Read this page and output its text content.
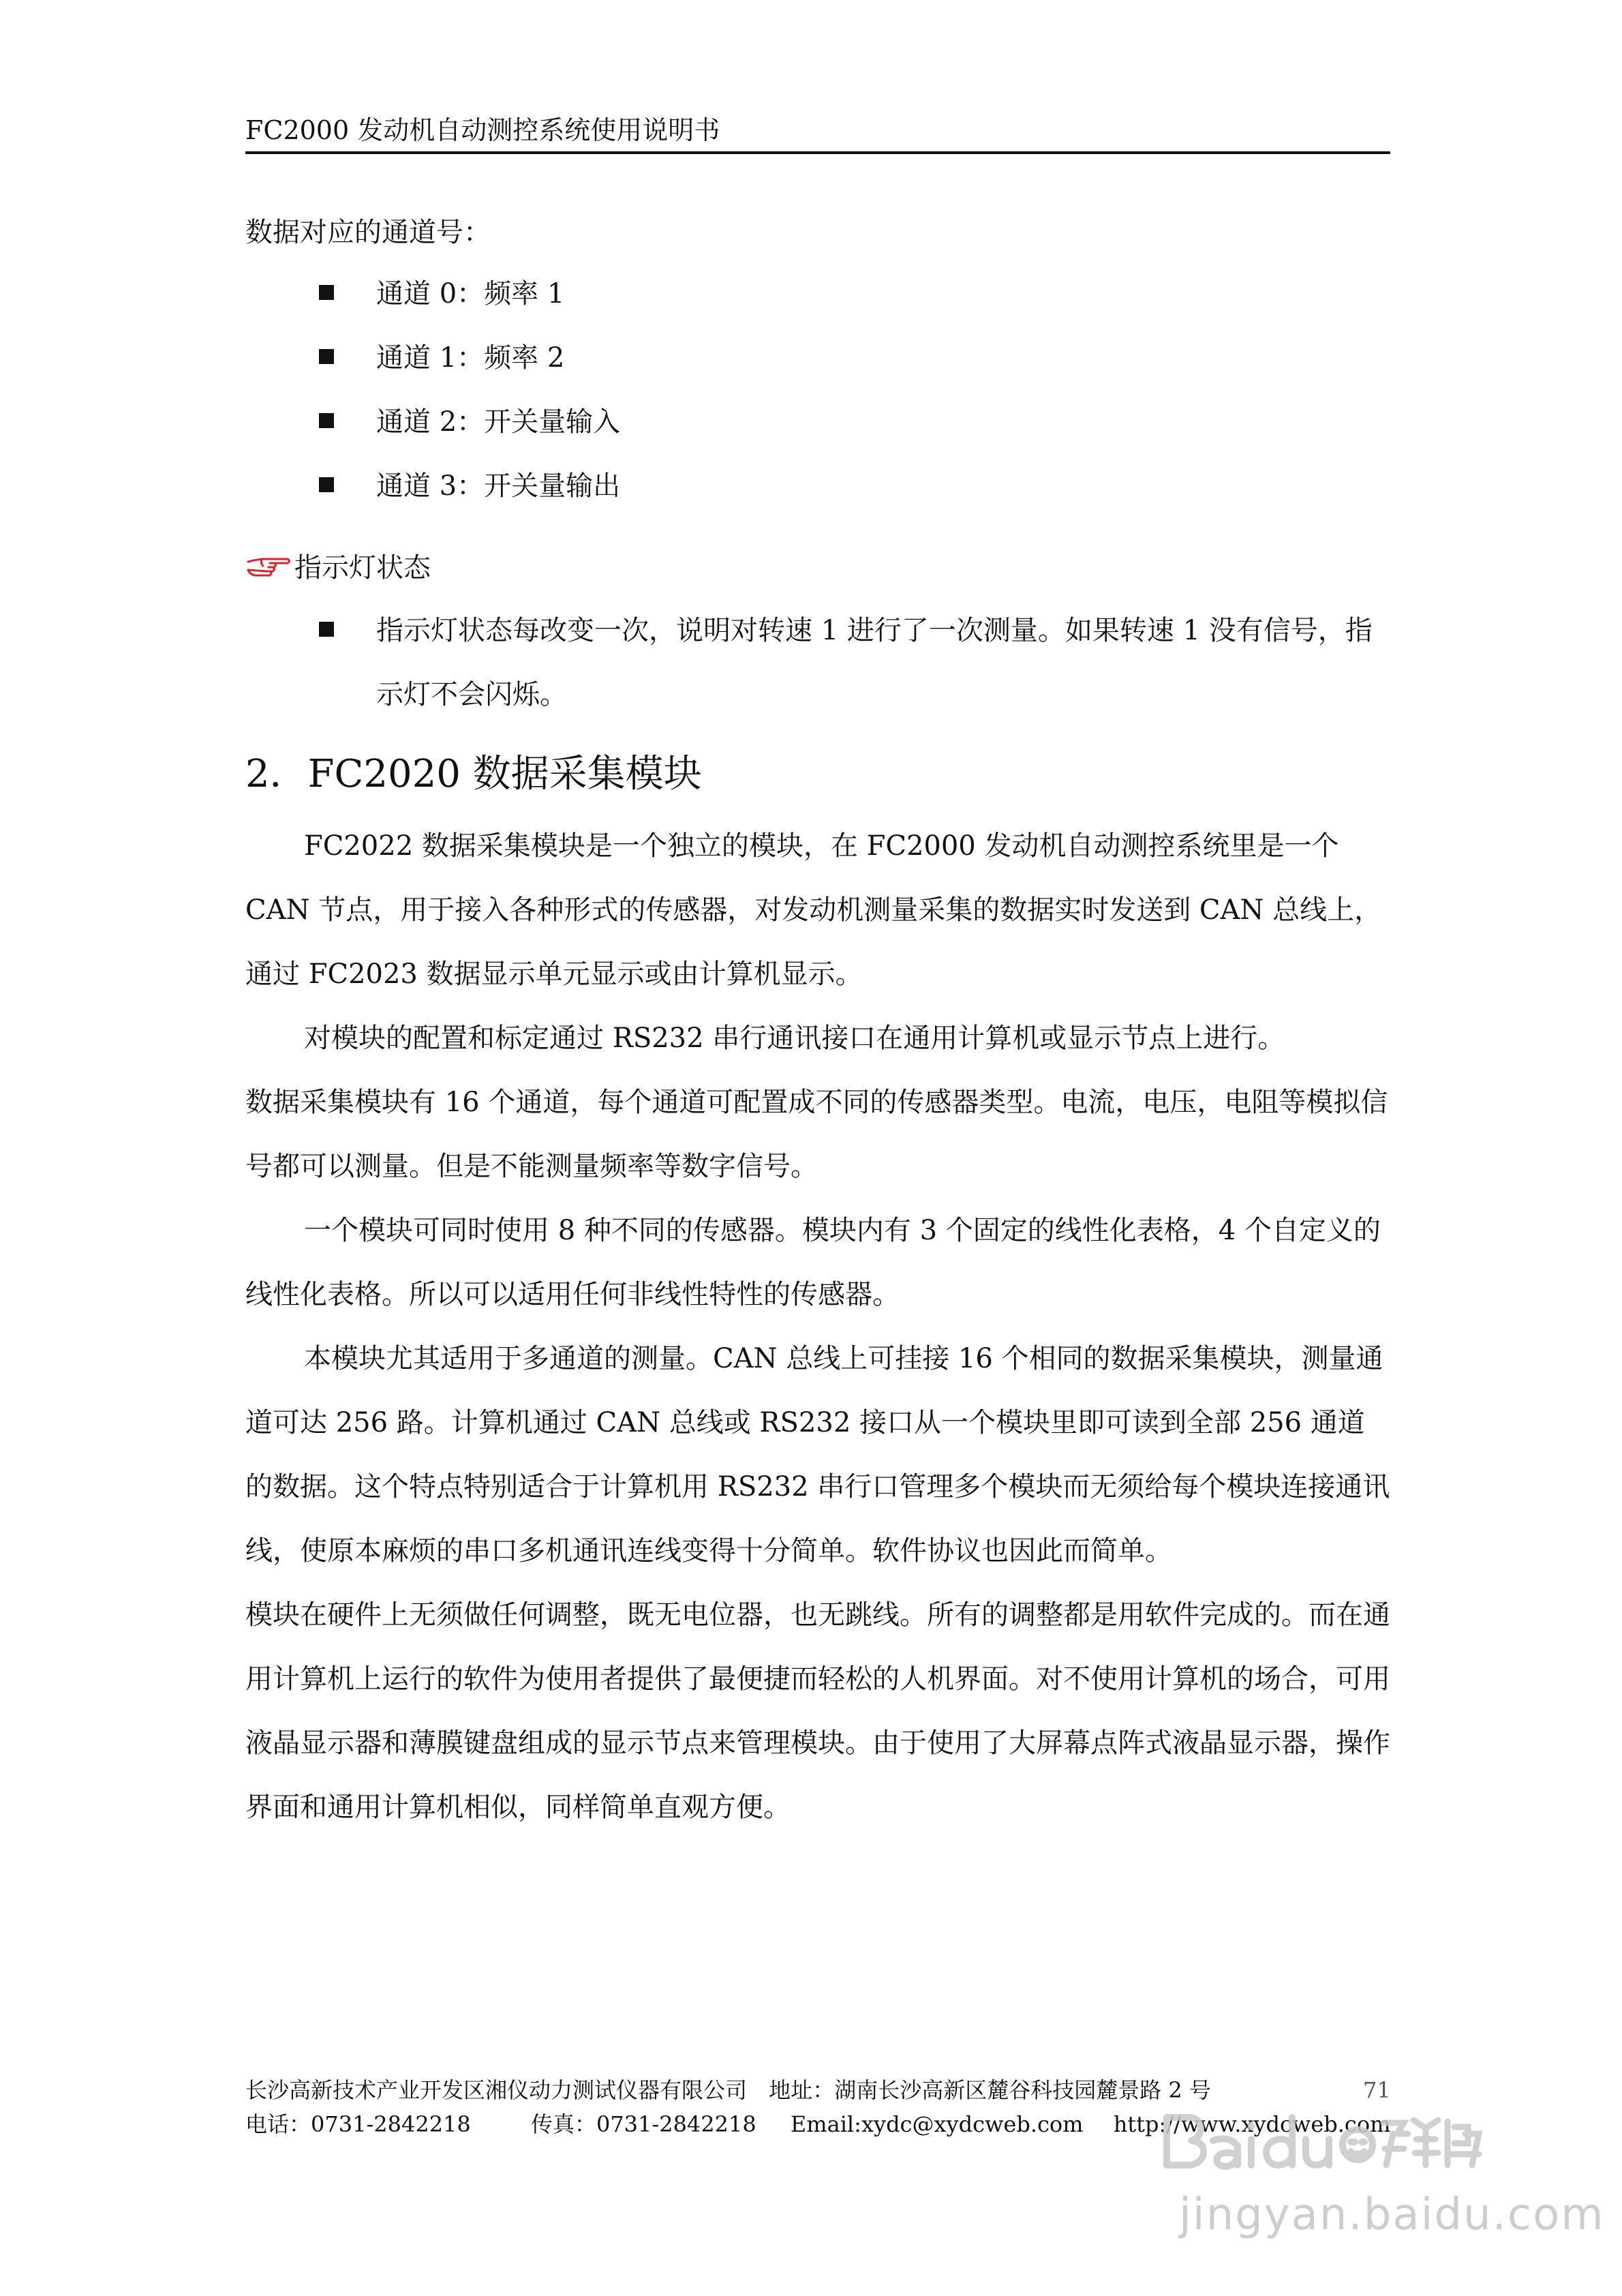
FC2000 发动机自动测控系统使用说明书

数据对应的通道号：

通道 0：频率 1
通道 1：频率 2
通道 2：开关量输入
通道 3：开关量输出
指示灯状态
指示灯状态每改变一次，说明对转速 1 进行了一次测量。如果转速 1 没有信号，指示灯不会闪烁。
2．FC2020 数据采集模块

FC2022 数据采集模块是一个独立的模块，在 FC2000 发动机自动测控系统里是一个 CAN 节点，用于接入各种形式的传感器，对发动机测量采集的数据实时发送到 CAN 总线上，通过 FC2023 数据显示单元显示或由计算机显示。

对模块的配置和标定通过 RS232 串行通讯接口在通用计算机或显示节点上进行。

数据采集模块有 16 个通道，每个通道可配置成不同的传感器类型。电流，电压，电阻等模拟信号都可以测量。但是不能测量频率等数字信号。

一个模块可同时使用 8 种不同的传感器。模块内有 3 个固定的线性化表格，4 个自定义的线性化表格。所以可以适用任何非线性特性的传感器。

本模块尤其适用于多通道的测量。CAN 总线上可挂接 16 个相同的数据采集模块，测量通道可达 256 路。计算机通过 CAN 总线或 RS232 接口从一个模块里即可读到全部 256 通道的数据。这个特点特别适合于计算机用 RS232 串行口管理多个模块而无须给每个模块连接通讯线，使原本麻烦的串口多机通讯连线变得十分简单。软件协议也因此而简单。

模块在硬件上无须做任何调整，既无电位器，也无跳线。所有的调整都是用软件完成的。而在通用计算机上运行的软件为使用者提供了最便捷而轻松的人机界面。对不使用计算机的场合，可用液晶显示器和薄膜键盘组成的显示节点来管理模块。由于使用了大屏幕点阵式液晶显示器，操作界面和通用计算机相似，同样简单直观方便。

长沙高新技术产业开发区湘仪动力测试仪器有限公司 地址：湖南长沙高新区麓谷科技园麓景路 2 号	71
电话：0731-2842218	传真：0731-2842218 Email:xydc@xydcweb.com http://www.xydcweb.com
jingyan.baidu.com
